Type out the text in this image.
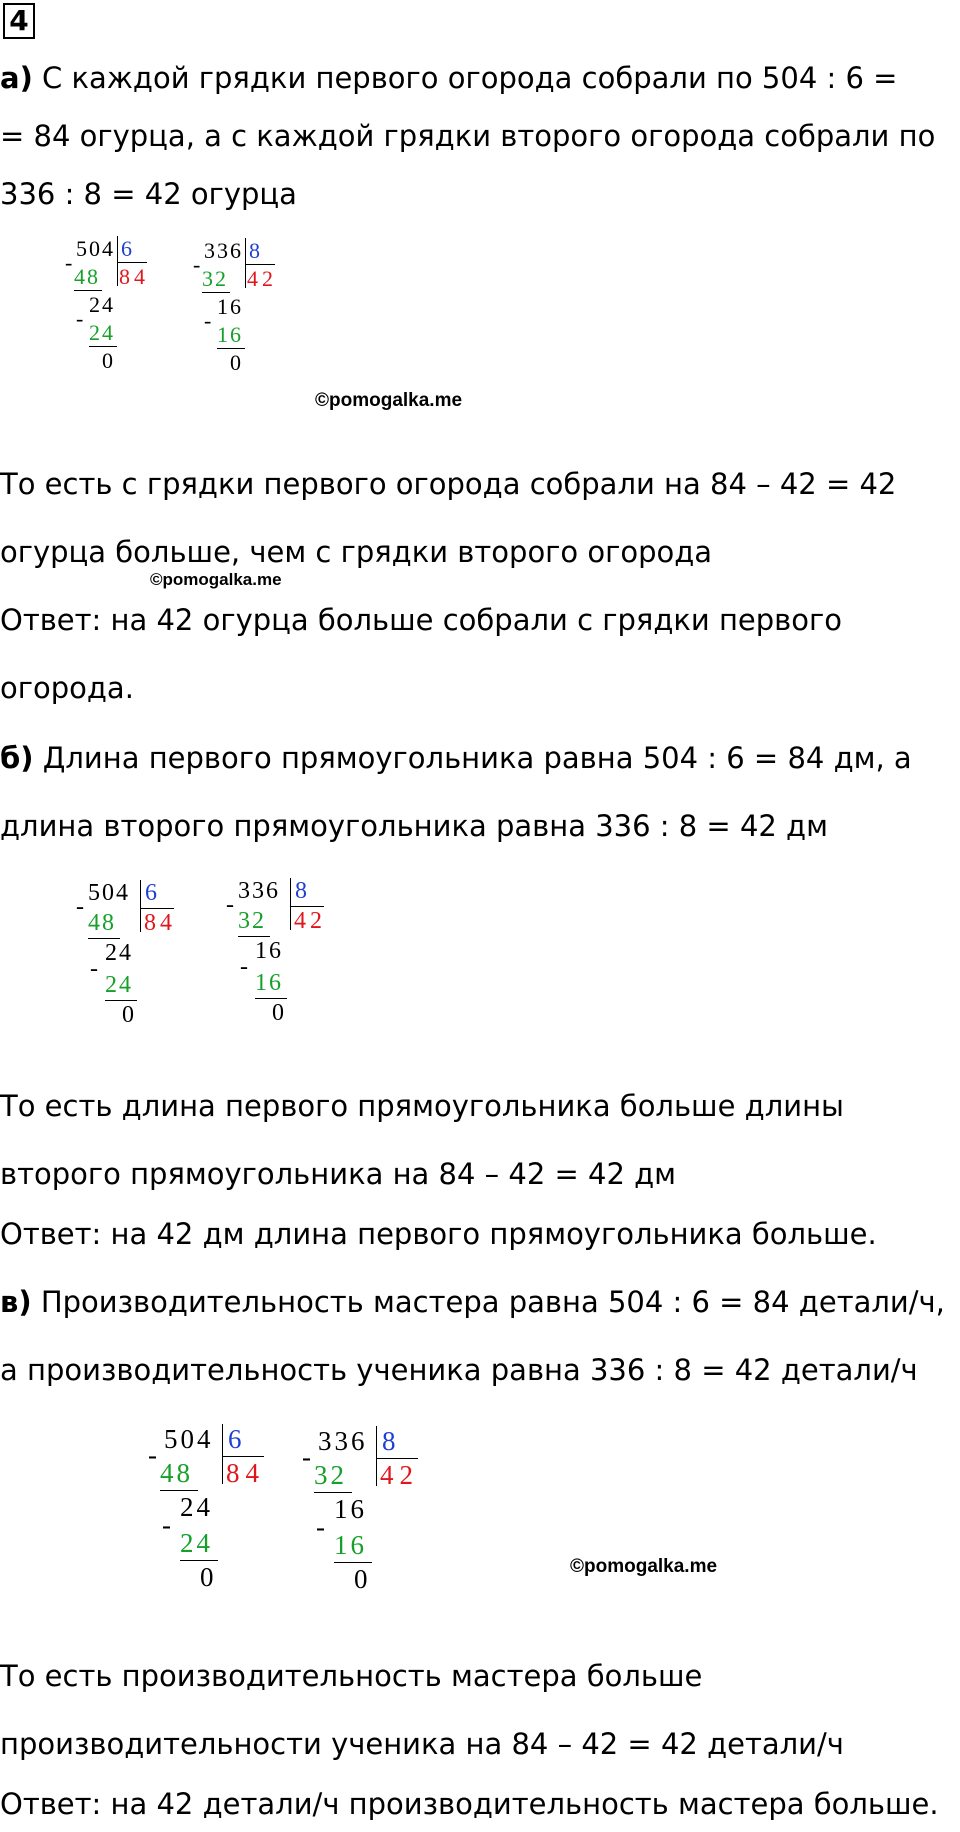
4
а) С каждой грядки первого огорода собрали по 504 : 6 =
= 84 огурца, а с каждой грядки второго огорода собрали по
336 : 8 = 42 огурца
504 6
84
-
48
24
-
24
0
336 8
42
-
32
16
-
16
0
©pomogalka.me
То есть с грядки первого огорода собрали на 84 – 42 = 42
огурца больше, чем с грядки второго огорода
©pomogalka.me
Ответ: на 42 огурца больше собрали с грядки первого
огорода.
б) Длина первого прямоугольника равна 504 : 6 = 84 дм, а
длина второго прямоугольника равна 336 : 8 = 42 дм
504 6
84
-
48
24
-
24
0
336 8
42
-
32
16
-
16
0
То есть длина первого прямоугольника больше длины
второго прямоугольника на 84 – 42 = 42 дм
Ответ: на 42 дм длина первого прямоугольника больше.
в) Производительность мастера равна 504 : 6 = 84 детали/ч,
а производительность ученика равна 336 : 8 = 42 детали/ч
504 6
84
-
48
24
-
24
0
336 8
42
-
32
16
-
16
0	©pomogalka.me
То есть производительность мастера больше
производительности ученика на 84 – 42 = 42 детали/ч
Ответ: на 42 детали/ч производительность мастера больше.
